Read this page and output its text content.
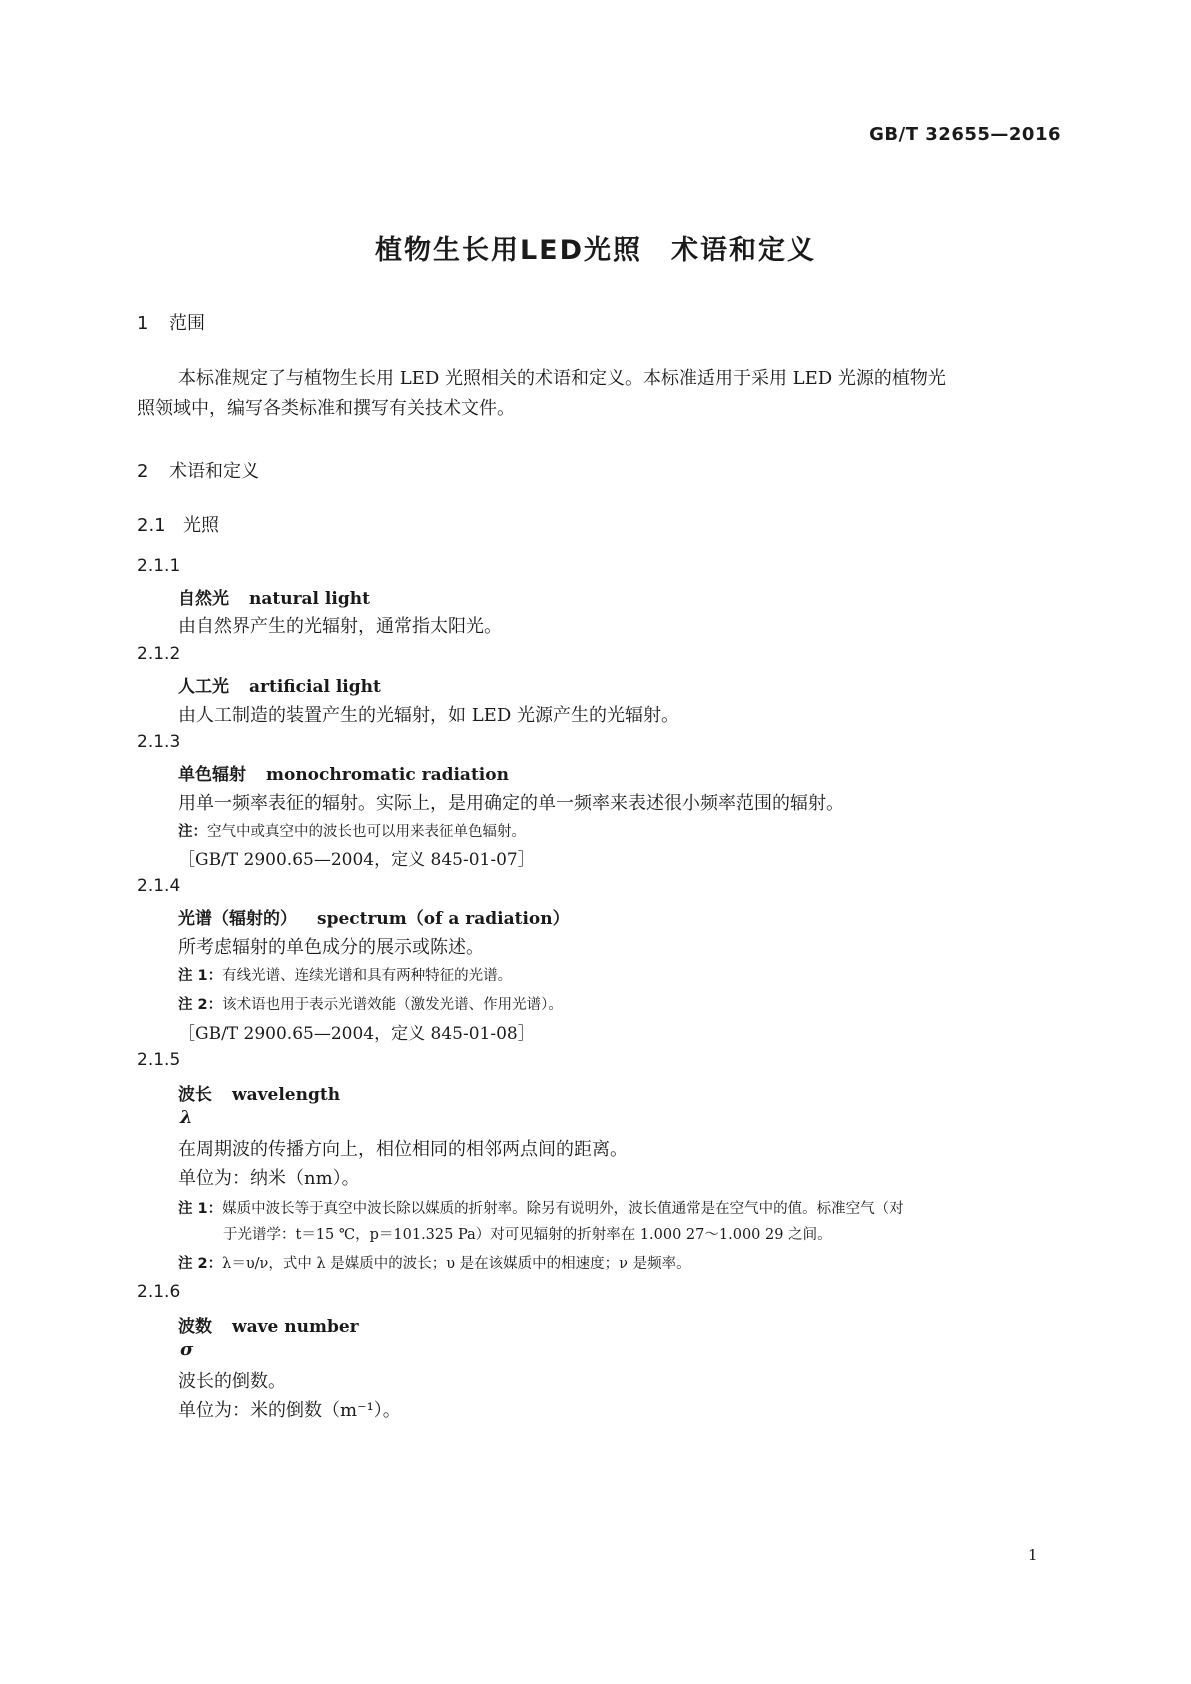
GB/T 32655—2016
植物生长用LED光照　术语和定义
1 范围
本标准规定了与植物生长用 LED 光照相关的术语和定义。本标准适用于采用 LED 光源的植物光
照领域中，编写各类标准和撰写有关技术文件。
2 术语和定义
2.1 光照
2.1.1
自然光 natural light
由自然界产生的光辐射，通常指太阳光。
2.1.2
人工光 artificial light
由人工制造的装置产生的光辐射，如 LED 光源产生的光辐射。
2.1.3
单色辐射 monochromatic radiation
用单一频率表征的辐射。实际上，是用确定的单一频率来表述很小频率范围的辐射。
注：空气中或真空中的波长也可以用来表征单色辐射。
［GB/T 2900.65—2004，定义 845-01-07］
2.1.4
光谱（辐射的） spectrum（of a radiation）
所考虑辐射的单色成分的展示或陈述。
注 1：有线光谱、连续光谱和具有两种特征的光谱。
注 2：该术语也用于表示光谱效能（激发光谱、作用光谱）。
［GB/T 2900.65—2004，定义 845-01-08］
2.1.5
波长 wavelength
λ
在周期波的传播方向上，相位相同的相邻两点间的距离。
单位为：纳米（nm）。
注 1：媒质中波长等于真空中波长除以媒质的折射率。除另有说明外，波长值通常是在空气中的值。标准空气（对
于光谱学：t＝15 ℃，p＝101.325 Pa）对可见辐射的折射率在 1.000 27～1.000 29 之间。
注 2：λ＝υ/ν，式中 λ 是媒质中的波长；υ 是在该媒质中的相速度；ν 是频率。
2.1.6
波数 wave number
σ
波长的倒数。
单位为：米的倒数（m⁻¹）。
1
